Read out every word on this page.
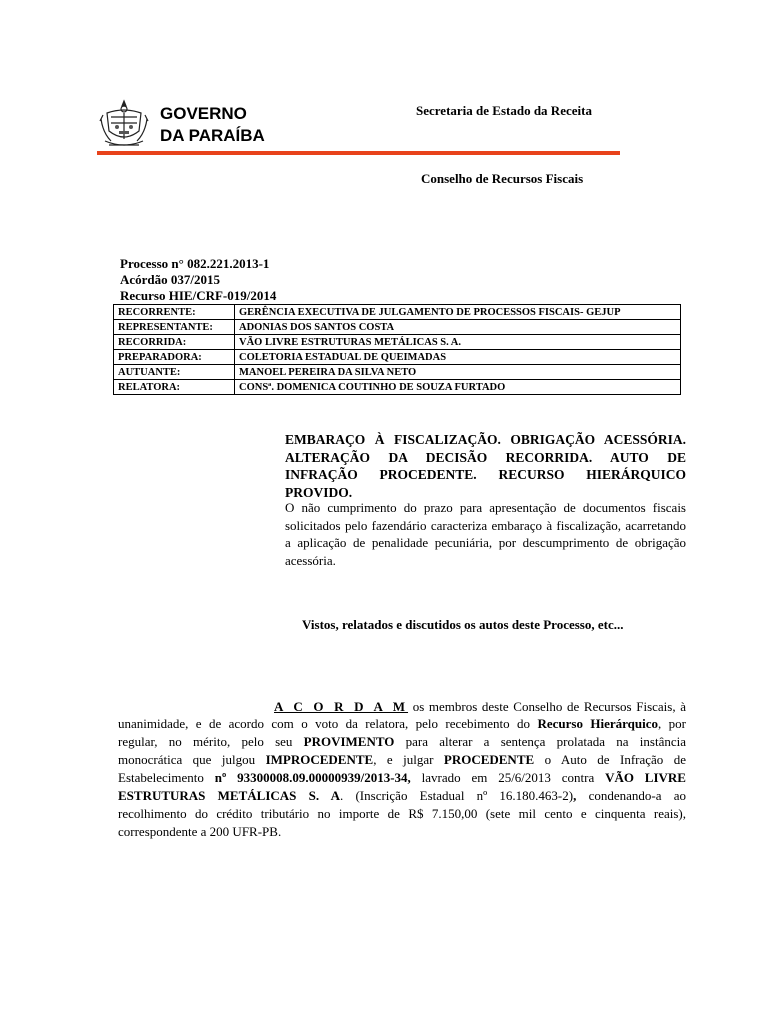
GOVERNO
DA PARAÍBA
Secretaria de Estado da Receita
Conselho de Recursos Fiscais
Processo n° 082.221.2013-1
Acórdão 037/2015
Recurso HIE/CRF-019/2014
RECORRENTE:	GERÊNCIA EXECUTIVA DE JULGAMENTO DE PROCESSOS FISCAIS- GEJUP
REPRESENTANTE:	ADONIAS DOS SANTOS COSTA
RECORRIDA:	VÃO LIVRE ESTRUTURAS METÁLICAS S. A.
PREPARADORA:	COLETORIA ESTADUAL DE QUEIMADAS
AUTUANTE:	MANOEL PEREIRA DA SILVA NETO
RELATORA:	CONSª. DOMENICA COUTINHO DE SOUZA FURTADO
EMBARAÇO À FISCALIZAÇÃO. OBRIGAÇÃO ACESSÓRIA. ALTERAÇÃO DA DECISÃO RECORRIDA. AUTO DE INFRAÇÃO PROCEDENTE. RECURSO HIERÁRQUICO PROVIDO.
O não cumprimento do prazo para apresentação de documentos fiscais solicitados pelo fazendário caracteriza embaraço à fiscalização, acarretando a aplicação de penalidade pecuniária, por descumprimento de obrigação acessória.
Vistos, relatados e discutidos os autos deste Processo, etc...
A C O R D A M os membros deste Conselho de Recursos Fiscais, à
unanimidade, e de acordo com o voto da relatora, pelo recebimento do Recurso Hierárquico, por
regular, no mérito, pelo seu PROVIMENTO para alterar a sentença prolatada na instância
monocrática que julgou IMPROCEDENTE, e julgar PROCEDENTE o Auto de Infração de
Estabelecimento nº 93300008.09.00000939/2013-34, lavrado em 25/6/2013 contra VÃO LIVRE
ESTRUTURAS METÁLICAS S. A. (Inscrição Estadual nº 16.180.463-2), condenando-a ao
recolhimento do crédito tributário no importe de R$ 7.150,00 (sete mil cento e cinquenta reais),
correspondente a 200 UFR-PB.
